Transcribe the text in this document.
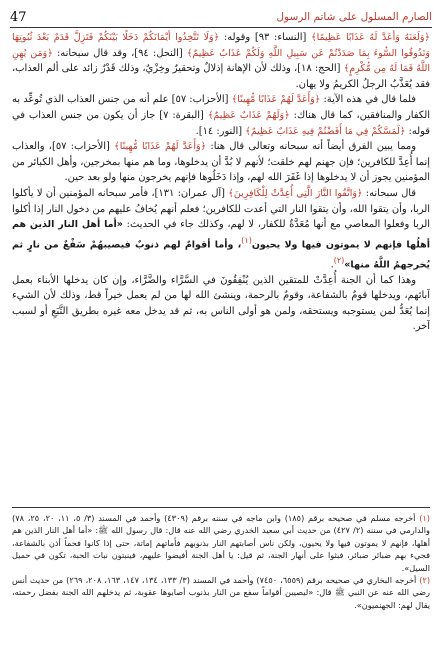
47	الصارم المسلول على شاتم الرسول

﴿وَلَعَنَهُ وَأَعَدَّ لَهُ عَذَابًا عَظِيمًا﴾ [النساء: ٩٣] وقوله: ﴿وَلَا تَتَّخِذُوا أَيْمَانَكُمْ دَخَلًا بَيْنَكُمْ فَتَزِلَّ قَدَمٌ بَعْدَ ثُبُوتِهَا وَتَذُوقُوا السُّوءَ بِمَا صَدَدْتُمْ عَن سَبِيلِ اللَّهِ وَلَكُمْ عَذَابٌ عَظِيمٌ﴾ [النحل: ٩٤]، وقد قال سبحانه: ﴿وَمَن يُهِنِ اللَّهُ فَمَا لَهُ مِن مُّكْرِمٍ﴾ [الحج: ١٨]، وذلك لأن الإهانة إذلالٌ وتحقيرٌ وخِزْيٌ، وذلك قَدْرٌ زائد على ألم العذاب، فقد يُعَذَّبُ الرجلُ الكريمُ ولا يهان.

فلما قال في هذه الآية: ﴿وَأَعَدَّ لَهُمْ عَذَابًا مُّهِينًا﴾ [الأحزاب: ٥٧] علم أنه من جنس العذاب الذي تُوعِّد به الكفار والمنافقين، كما قال هناك: ﴿وَلَهُمْ عَذَابٌ عَظِيمٌ﴾ [البقرة: ٧] جاز أن يكون من جنس العذاب في قوله: ﴿لَمَسَّكُمْ فِي مَا أَفَضْتُمْ فِيهِ عَذَابٌ عَظِيمٌ﴾ [النور: ١٤].

ومما يبين الفرق أيضاً أنه سبحانه وتعالى قال هنا: ﴿وَأَعَدَّ لَهُمْ عَذَابًا مُّهِينًا﴾ [الأحزاب: ٥٧]، والعذاب إنما أُعِدَّ للكافرين؛ فإن جهنم لهم خلقت؛ لأنهم لا بُدَّ أن يدخلوها، وما هم منها بمخرجين، وأهل الكبائر من المؤمنين يجوز أن لا يدخلوها إذا غَفَرَ الله لهم، وإذا دَخَلُوها فإنهم يخرجون منها ولو بعد حين.

قال سبحانه: ﴿وَاتَّقُوا النَّارَ الَّتِي أُعِدَّتْ لِلْكَافِرِينَ﴾ [آل عمران: ١٣١]، فأمر سبحانه المؤمنين أن لا يأكلوا الربا، وأن يتقوا الله، وأن يتقوا النار التي أعدت للكافرين؛ فعلم أنهم يُخافُ عليهم من دخول النار إذا أكلوا الربا وفعلوا المعاصي مع أنها مُعَدَّةٌ للكفار، لا لهم، وكذلك جاء في الحديث: «أما أهل النار الذين هم أهلُها فإنهم لا يموتون فيها ولا يحيون$^{(١)}$، وأما أقوامٌ لهم ذنوبٌ فيصيبهُمْ سَفْعٌ من نارٍ ثم يُخرجهمُ اللَّهُ منها»$^{(٢)}$.

وهذا كما أن الجنة أُعِدَّتْ للمتقين الذين يُنْفِقُونَ في السَّرَّاء والضَّرَّاء، وإن كان يدخلها الأبناء بعمل آبائهم، ويدخلها قومٌ بالشفاعة، وقومٌ بالرحمة، وينشئ الله لها من لم يعمل خيراً قط، وذلك لأن الشيء إنما يُعَدُّ لمن يستوجبه ويستحقه، ولمن هو أولى الناس به، ثم قد يدخل معه غيره بطريق التَّبَعِ أو لسبب آخر.

(١) أخرجه مسلم في صحيحه برقم (١٨٥) وابن ماجه في سننه برقم (٤٣٠٩) وأحمد في المسند (٣/ ٥، ١١، ٢٠، ٢٥، ٧٨) والدارمي في سننه (٢/ ٤٢٧) من حديث أبي سعيد الخدري رضي الله عنه قال: قال رسول الله ﷺ: «أما أهل النار الذين هم أهلها، فإنهم لا يموتون فيها ولا يحيون، ولكن ناس أصابتهم النار بذنوبهم فأماتهم إماتة، حتى إذا كانوا فحماً أذن بالشفاعة، فجيء بهم ضبائر ضبائر، فبثوا على أنهار الجنة، ثم قيل: يا أهل الجنة أفيضوا عليهم، فينبتون نبات الحبة، تكون في حميل السيل».

(٢) أخرجه البخاري في صحيحه برقم (٦٥٥٩، ٧٤٥٠) وأحمد في المسند (٣/ ١٣٣، ١٣٤، ١٤٧، ١٦٣، ٢٠٨، ٢٦٩) من حديث أنس رضي الله عنه عن النبي ﷺ قال: «ليصيبن أقواماً سفع من النار بذنوب أصابوها عقوبة، ثم يدخلهم الله الجنة بفضل رحمته، يقال لهم: الجهنميون».
